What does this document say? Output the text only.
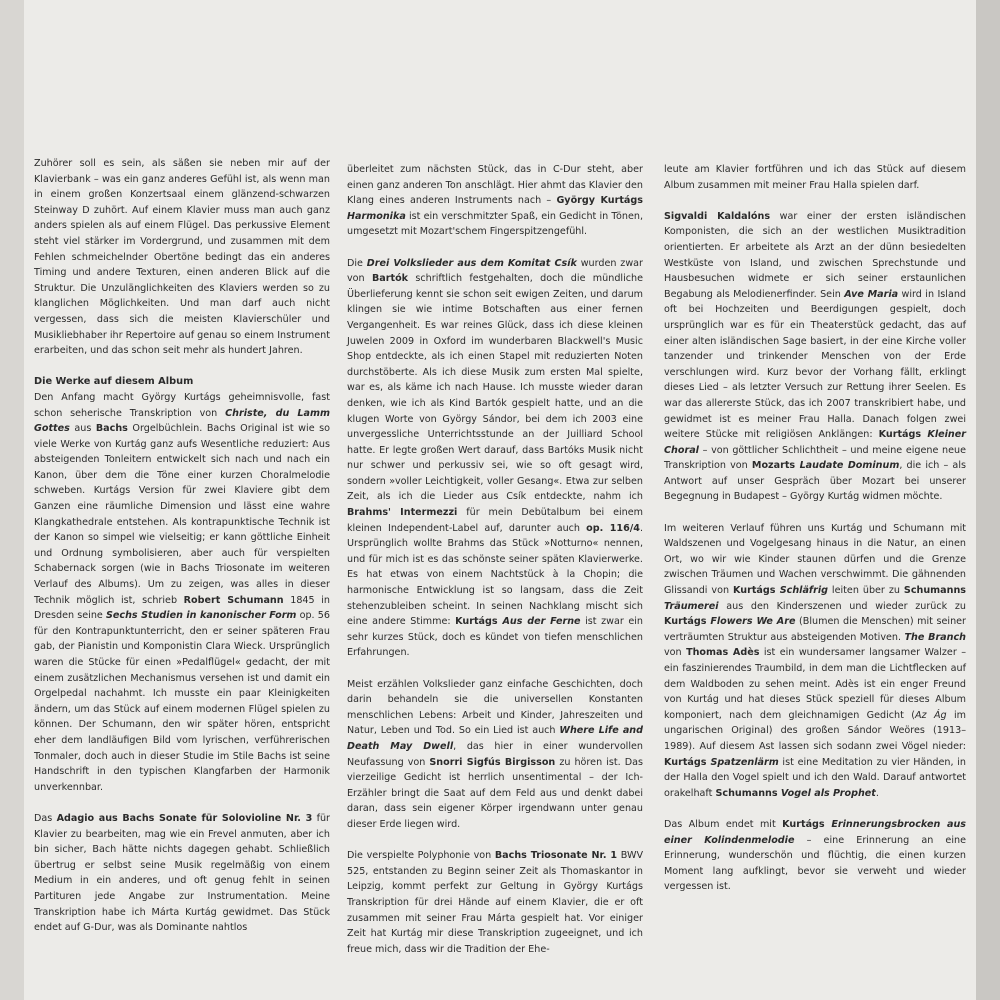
Zuhörer soll es sein, als säßen sie neben mir auf der Klavierbank – was ein ganz anderes Gefühl ist, als wenn man in einem großen Konzertsaal einem glänzend-schwarzen Steinway D zuhört. Auf einem Klavier muss man auch ganz anders spielen als auf einem Flügel. Das perkussive Element steht viel stärker im Vordergrund, und zusammen mit dem Fehlen schmeichelnder Obertöne bedingt das ein anderes Timing und andere Texturen, einen anderen Blick auf die Struktur. Die Unzulänglichkeiten des Klaviers werden so zu klanglichen Möglichkeiten. Und man darf auch nicht vergessen, dass sich die meisten Klavierschüler und Musikliebhaber ihr Repertoire auf genau so einem Instrument erarbeiten, und das schon seit mehr als hundert Jahren.

Die Werke auf diesem Album

Den Anfang macht György Kurtágs geheimnisvolle, fast schon seherische Transkription von Christe, du Lamm Gottes aus Bachs Orgelbüchlein. Bachs Original ist wie so viele Werke von Kurtág ganz aufs Wesentliche reduziert: Aus absteigenden Tonleitern entwickelt sich nach und nach ein Kanon, über dem die Töne einer kurzen Choralmelodie schweben. Kurtágs Version für zwei Klaviere gibt dem Ganzen eine räumliche Dimension und lässt eine wahre Klangkathedrale entstehen. Als kontrapunktische Technik ist der Kanon so simpel wie vielseitig; er kann göttliche Einheit und Ordnung symbolisieren, aber auch für verspielten Schabernack sorgen (wie in Bachs Triosonate im weiteren Verlauf des Albums). Um zu zeigen, was alles in dieser Technik möglich ist, schrieb Robert Schumann 1845 in Dresden seine Sechs Studien in kanonischer Form op. 56 für den Kontrapunktunterricht, den er seiner späteren Frau gab, der Pianistin und Komponistin Clara Wieck. Ursprünglich waren die Stücke für einen »Pedalflügel« gedacht, der mit einem zusätzlichen Mechanismus versehen ist und damit ein Orgelpedal nachahmt. Ich musste ein paar Kleinigkeiten ändern, um das Stück auf einem modernen Flügel spielen zu können. Der Schumann, den wir später hören, entspricht eher dem landläufigen Bild vom lyrischen, verführerischen Tonmaler, doch auch in dieser Studie im Stile Bachs ist seine Handschrift in den typischen Klangfarben der Harmonik unverkennbar.

Das Adagio aus Bachs Sonate für Solovioline Nr. 3 für Klavier zu bearbeiten, mag wie ein Frevel anmuten, aber ich bin sicher, Bach hätte nichts dagegen gehabt. Schließlich übertrug er selbst seine Musik regelmäßig von einem Medium in ein anderes, und oft genug fehlt in seinen Partituren jede Angabe zur Instrumentation. Meine Transkription habe ich Márta Kurtág gewidmet. Das Stück endet auf G-Dur, was als Dominante nahtlos

überleitet zum nächsten Stück, das in C-Dur steht, aber einen ganz anderen Ton anschlägt. Hier ahmt das Klavier den Klang eines anderen Instruments nach – György Kurtágs Harmonika ist ein verschmitzter Spaß, ein Gedicht in Tönen, umgesetzt mit Mozart'schem Fingerspitzengefühl.

Die Drei Volkslieder aus dem Komitat Csík wurden zwar von Bartók schriftlich festgehalten, doch die mündliche Überlieferung kennt sie schon seit ewigen Zeiten, und darum klingen sie wie intime Botschaften aus einer fernen Vergangenheit. Es war reines Glück, dass ich diese kleinen Juwelen 2009 in Oxford im wunderbaren Blackwell's Music Shop entdeckte, als ich einen Stapel mit reduzierten Noten durchstöberte. Als ich diese Musik zum ersten Mal spielte, war es, als käme ich nach Hause. Ich musste wieder daran denken, wie ich als Kind Bartók gespielt hatte, und an die klugen Worte von György Sándor, bei dem ich 2003 eine unvergessliche Unterrichtsstunde an der Juilliard School hatte. Er legte großen Wert darauf, dass Bartóks Musik nicht nur schwer und perkussiv sei, wie so oft gesagt wird, sondern »voller Leichtigkeit, voller Gesang«. Etwa zur selben Zeit, als ich die Lieder aus Csík entdeckte, nahm ich Brahms' Intermezzi für mein Debütalbum bei einem kleinen Independent-Label auf, darunter auch op. 116/4. Ursprünglich wollte Brahms das Stück »Notturno« nennen, und für mich ist es das schönste seiner späten Klavierwerke. Es hat etwas von einem Nachtstück à la Chopin; die harmonische Entwicklung ist so langsam, dass die Zeit stehenzubleiben scheint. In seinen Nachklang mischt sich eine andere Stimme: Kurtágs Aus der Ferne ist zwar ein sehr kurzes Stück, doch es kündet von tiefen menschlichen Erfahrungen.

Meist erzählen Volkslieder ganz einfache Geschichten, doch darin behandeln sie die universellen Konstanten menschlichen Lebens: Arbeit und Kinder, Jahreszeiten und Natur, Leben und Tod. So ein Lied ist auch Where Life and Death May Dwell, das hier in einer wundervollen Neufassung von Snorri Sigfús Birgisson zu hören ist. Das vierzeilige Gedicht ist herrlich unsentimental – der Ich-Erzähler bringt die Saat auf dem Feld aus und denkt dabei daran, dass sein eigener Körper irgendwann unter genau dieser Erde liegen wird.

Die verspielte Polyphonie von Bachs Triosonate Nr. 1 BWV 525, entstanden zu Beginn seiner Zeit als Thomaskantor in Leipzig, kommt perfekt zur Geltung in György Kurtágs Transkription für drei Hände auf einem Klavier, die er oft zusammen mit seiner Frau Márta gespielt hat. Vor einiger Zeit hat Kurtág mir diese Transkription zugeeignet, und ich freue mich, dass wir die Tradition der Ehe-

leute am Klavier fortführen und ich das Stück auf diesem Album zusammen mit meiner Frau Halla spielen darf.

Sigvaldi Kaldalóns war einer der ersten isländischen Komponisten, die sich an der westlichen Musiktradition orientierten. Er arbeitete als Arzt an der dünn besiedelten Westküste von Island, und zwischen Sprechstunde und Hausbesuchen widmete er sich seiner erstaunlichen Begabung als Melodienerfinder. Sein Ave Maria wird in Island oft bei Hochzeiten und Beerdigungen gespielt, doch ursprünglich war es für ein Theaterstück gedacht, das auf einer alten isländischen Sage basiert, in der eine Kirche voller tanzender und trinkender Menschen von der Erde verschlungen wird. Kurz bevor der Vorhang fällt, erklingt dieses Lied – als letzter Versuch zur Rettung ihrer Seelen. Es war das allererste Stück, das ich 2007 transkribiert habe, und gewidmet ist es meiner Frau Halla. Danach folgen zwei weitere Stücke mit religiösen Anklängen: Kurtágs Kleiner Choral – von göttlicher Schlichtheit – und meine eigene neue Transkription von Mozarts Laudate Dominum, die ich – als Antwort auf unser Gespräch über Mozart bei unserer Begegnung in Budapest – György Kurtág widmen möchte.

Im weiteren Verlauf führen uns Kurtág und Schumann mit Waldszenen und Vogelgesang hinaus in die Natur, an einen Ort, wo wir wie Kinder staunen dürfen und die Grenze zwischen Träumen und Wachen verschwimmt. Die gähnenden Glissandi von Kurtágs Schläfrig leiten über zu Schumanns Träumerei aus den Kinderszenen und wieder zurück zu Kurtágs Flowers We Are (Blumen die Menschen) mit seiner verträumten Struktur aus absteigenden Motiven. The Branch von Thomas Adès ist ein wundersamer langsamer Walzer – ein faszinierendes Traumbild, in dem man die Lichtflecken auf dem Waldboden zu sehen meint. Adès ist ein enger Freund von Kurtág und hat dieses Stück speziell für dieses Album komponiert, nach dem gleichnamigen Gedicht (Az Ág im ungarischen Original) des großen Sándor Weöres (1913–1989). Auf diesem Ast lassen sich sodann zwei Vögel nieder: Kurtágs Spatzenlärm ist eine Meditation zu vier Händen, in der Halla den Vogel spielt und ich den Wald. Darauf antwortet orakelhaft Schumanns Vogel als Prophet.

Das Album endet mit Kurtágs Erinnerungsbrocken aus einer Kolindenmelodie – eine Erinnerung an eine Erinnerung, wunderschön und flüchtig, die einen kurzen Moment lang aufklingt, bevor sie verweht und wieder vergessen ist.
